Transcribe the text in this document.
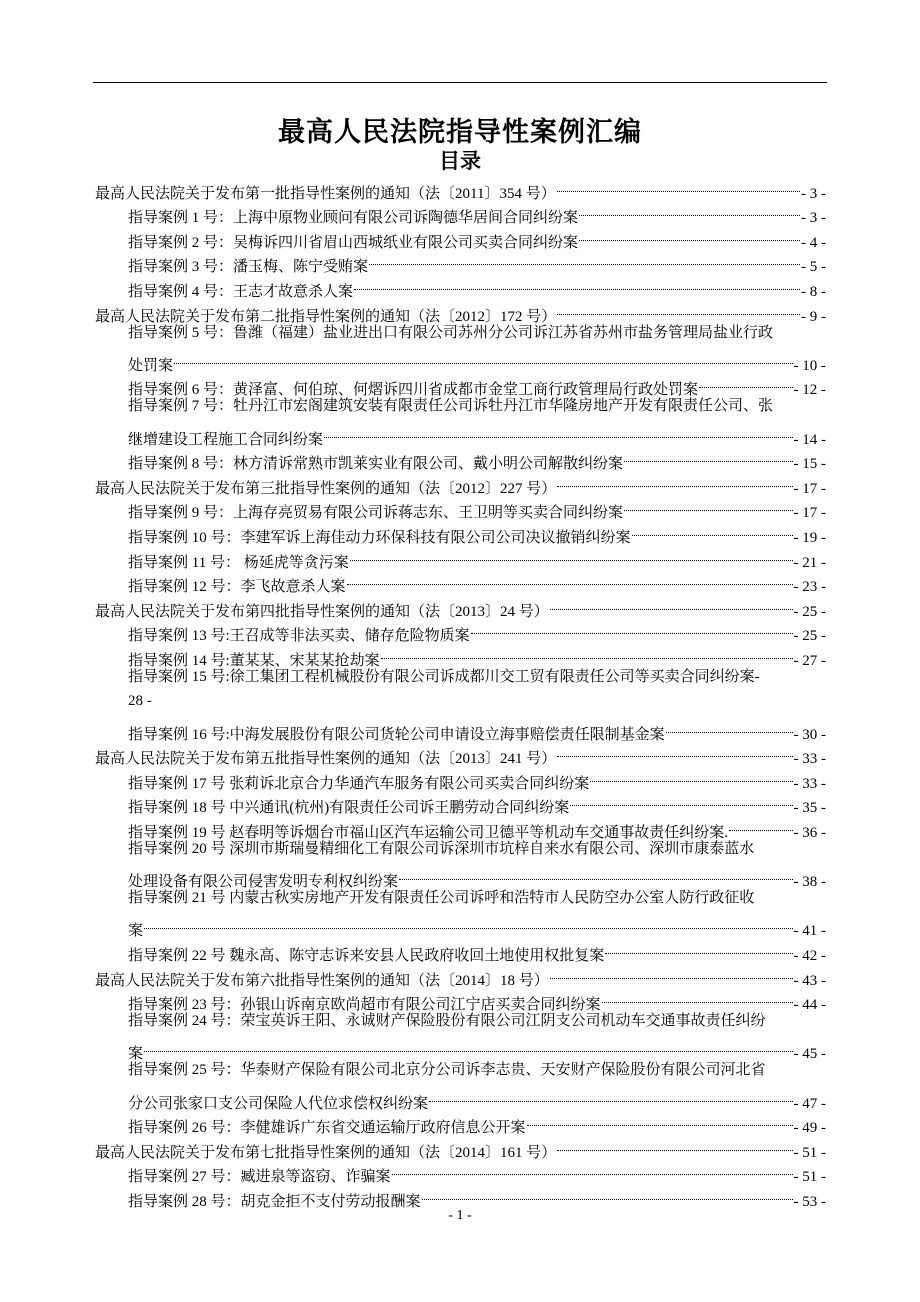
最高人民法院指导性案例汇编
目录
最高人民法院关于发布第一批指导性案例的通知（法〔2011〕354 号）	- 3 -
指导案例 1 号：上海中原物业顾问有限公司诉陶德华居间合同纠纷案	- 3 -
指导案例 2 号：吴梅诉四川省眉山西城纸业有限公司买卖合同纠纷案	- 4 -
指导案例 3 号：潘玉梅、陈宁受贿案	- 5 -
指导案例 4 号：王志才故意杀人案	- 8 -
最高人民法院关于发布第二批指导性案例的通知（法〔2012〕172 号）	- 9 -
指导案例 5 号：鲁潍（福建）盐业进出口有限公司苏州分公司诉江苏省苏州市盐务管理局盐业行政
处罚案	- 10 -
指导案例 6 号：黄泽富、何伯琼、何熠诉四川省成都市金堂工商行政管理局行政处罚案	- 12 -
指导案例 7 号：牡丹江市宏阁建筑安装有限责任公司诉牡丹江市华隆房地产开发有限责任公司、张
继增建设工程施工合同纠纷案	- 14 -
指导案例 8 号：林方清诉常熟市凯莱实业有限公司、戴小明公司解散纠纷案	- 15 -
最高人民法院关于发布第三批指导性案例的通知（法〔2012〕227 号）	- 17 -
指导案例 9 号：上海存亮贸易有限公司诉蒋志东、王卫明等买卖合同纠纷案	- 17 -
指导案例 10 号：李建军诉上海佳动力环保科技有限公司公司决议撤销纠纷案	- 19 -
指导案例 11 号： 杨延虎等贪污案	- 21 -
指导案例 12 号：李飞故意杀人案	- 23 -
最高人民法院关于发布第四批指导性案例的通知（法〔2013〕24 号）	- 25 -
指导案例 13 号:王召成等非法买卖、储存危险物质案	- 25 -
指导案例 14 号:董某某、宋某某抢劫案	- 27 -
指导案例 15 号:徐工集团工程机械股份有限公司诉成都川交工贸有限责任公司等买卖合同纠纷案-
28 -
指导案例 16 号:中海发展股份有限公司货轮公司申请设立海事赔偿责任限制基金案	- 30 -
最高人民法院关于发布第五批指导性案例的通知（法〔2013〕241 号）	- 33 -
指导案例 17 号 张莉诉北京合力华通汽车服务有限公司买卖合同纠纷案	- 33 -
指导案例 18 号 中兴通讯(杭州)有限责任公司诉王鹏劳动合同纠纷案	- 35 -
指导案例 19 号 赵春明等诉烟台市福山区汽车运输公司卫德平等机动车交通事故责任纠纷案.	- 36 -
指导案例 20 号 深圳市斯瑞曼精细化工有限公司诉深圳市坑梓自来水有限公司、深圳市康泰蓝水
处理设备有限公司侵害发明专利权纠纷案	- 38 -
指导案例 21 号 内蒙古秋实房地产开发有限责任公司诉呼和浩特市人民防空办公室人防行政征收
案	- 41 -
指导案例 22 号 魏永高、陈守志诉来安县人民政府收回土地使用权批复案	- 42 -
最高人民法院关于发布第六批指导性案例的通知（法〔2014〕18 号）	- 43 -
指导案例 23 号：孙银山诉南京欧尚超市有限公司江宁店买卖合同纠纷案	- 44 -
指导案例 24 号：荣宝英诉王阳、永诚财产保险股份有限公司江阴支公司机动车交通事故责任纠纷
案	- 45 -
指导案例 25 号：华泰财产保险有限公司北京分公司诉李志贵、天安财产保险股份有限公司河北省
分公司张家口支公司保险人代位求偿权纠纷案	- 47 -
指导案例 26 号：李健雄诉广东省交通运输厅政府信息公开案	- 49 -
最高人民法院关于发布第七批指导性案例的通知（法〔2014〕161 号）	- 51 -
指导案例 27 号：臧进泉等盗窃、诈骗案	- 51 -
指导案例 28 号：胡克金拒不支付劳动报酬案	- 53 -
- 1 -
